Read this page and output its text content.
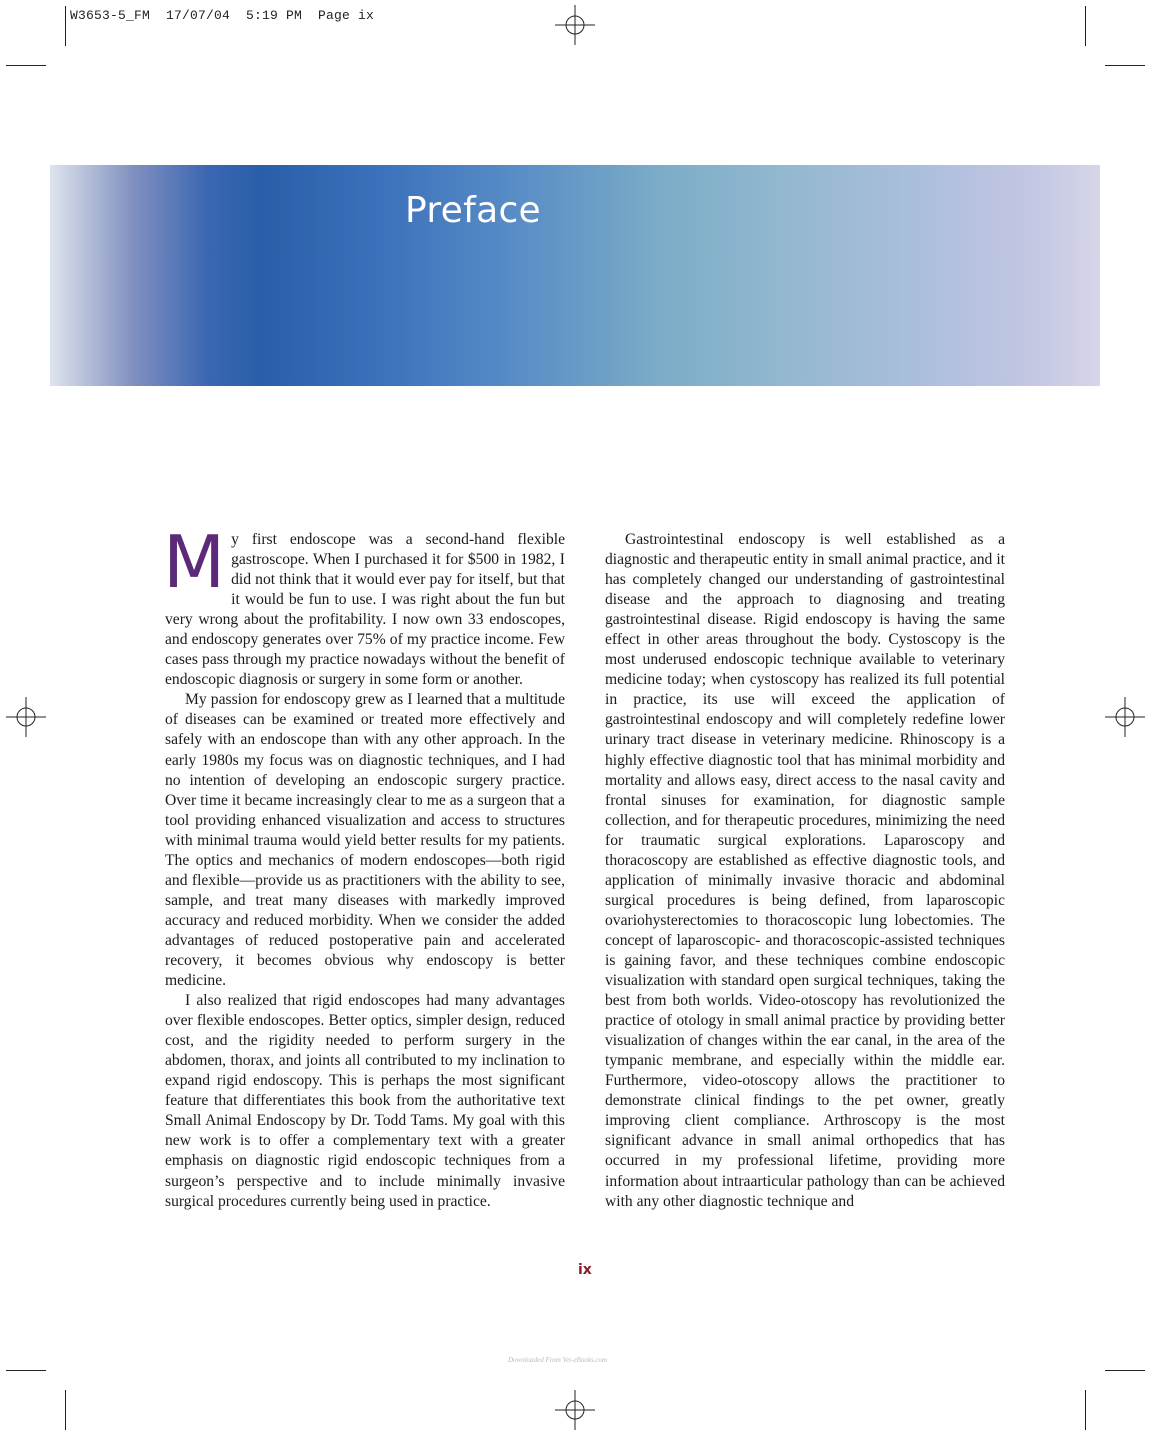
W3653-5_FM  17/07/04  5:19 PM  Page ix
Preface

My first endoscope was a second-hand flexible gastroscope. When I purchased it for $500 in 1982, I did not think that it would ever pay for itself, but that it would be fun to use. I was right about the fun but very wrong about the profitability. I now own 33 endoscopes, and endoscopy generates over 75% of my practice income. Few cases pass through my practice nowadays without the benefit of endoscopic diagnosis or surgery in some form or another.

My passion for endoscopy grew as I learned that a multitude of diseases can be examined or treated more effectively and safely with an endoscope than with any other approach. In the early 1980s my focus was on diagnostic techniques, and I had no intention of developing an endoscopic surgery practice. Over time it became increasingly clear to me as a surgeon that a tool providing enhanced visualization and access to structures with minimal trauma would yield better results for my patients. The optics and mechanics of modern endoscopes—both rigid and flexible—provide us as practitioners with the ability to see, sample, and treat many diseases with markedly improved accuracy and reduced morbidity. When we consider the added advantages of reduced postoperative pain and accelerated recovery, it becomes obvious why endoscopy is better medicine.

I also realized that rigid endoscopes had many advantages over flexible endoscopes. Better optics, simpler design, reduced cost, and the rigidity needed to perform surgery in the abdomen, thorax, and joints all contributed to my inclination to expand rigid endoscopy. This is perhaps the most significant feature that differentiates this book from the authoritative text Small Animal Endoscopy by Dr. Todd Tams. My goal with this new work is to offer a complementary text with a greater emphasis on diagnostic rigid endoscopic techniques from a surgeon’s perspective and to include minimally invasive surgical procedures currently being used in practice.

Gastrointestinal endoscopy is well established as a diagnostic and therapeutic entity in small animal practice, and it has completely changed our understanding of gastrointestinal disease and the approach to diagnosing and treating gastrointestinal disease. Rigid endoscopy is having the same effect in other areas throughout the body. Cystoscopy is the most underused endoscopic technique available to veterinary medicine today; when cystoscopy has realized its full potential in practice, its use will exceed the application of gastrointestinal endoscopy and will completely redefine lower urinary tract disease in veterinary medicine. Rhinoscopy is a highly effective diagnostic tool that has minimal morbidity and mortality and allows easy, direct access to the nasal cavity and frontal sinuses for examination, for diagnostic sample collection, and for therapeutic procedures, minimizing the need for traumatic surgical explorations. Laparoscopy and thoracoscopy are established as effective diagnostic tools, and application of minimally invasive thoracic and abdominal surgical procedures is being defined, from laparoscopic ovariohysterectomies to thoracoscopic lung lobectomies. The concept of laparoscopic- and thoracoscopic-assisted techniques is gaining favor, and these techniques combine endoscopic visualization with standard open surgical techniques, taking the best from both worlds. Video-otoscopy has revolutionized the practice of otology in small animal practice by providing better visualization of changes within the ear canal, in the area of the tympanic membrane, and especially within the middle ear. Furthermore, video-otoscopy allows the practitioner to demonstrate clinical findings to the pet owner, greatly improving client compliance. Arthroscopy is the most significant advance in small animal orthopedics that has occurred in my professional lifetime, providing more information about intraarticular pathology than can be achieved with any other diagnostic technique and

ix
Downloaded From Vet-eBooks.com
